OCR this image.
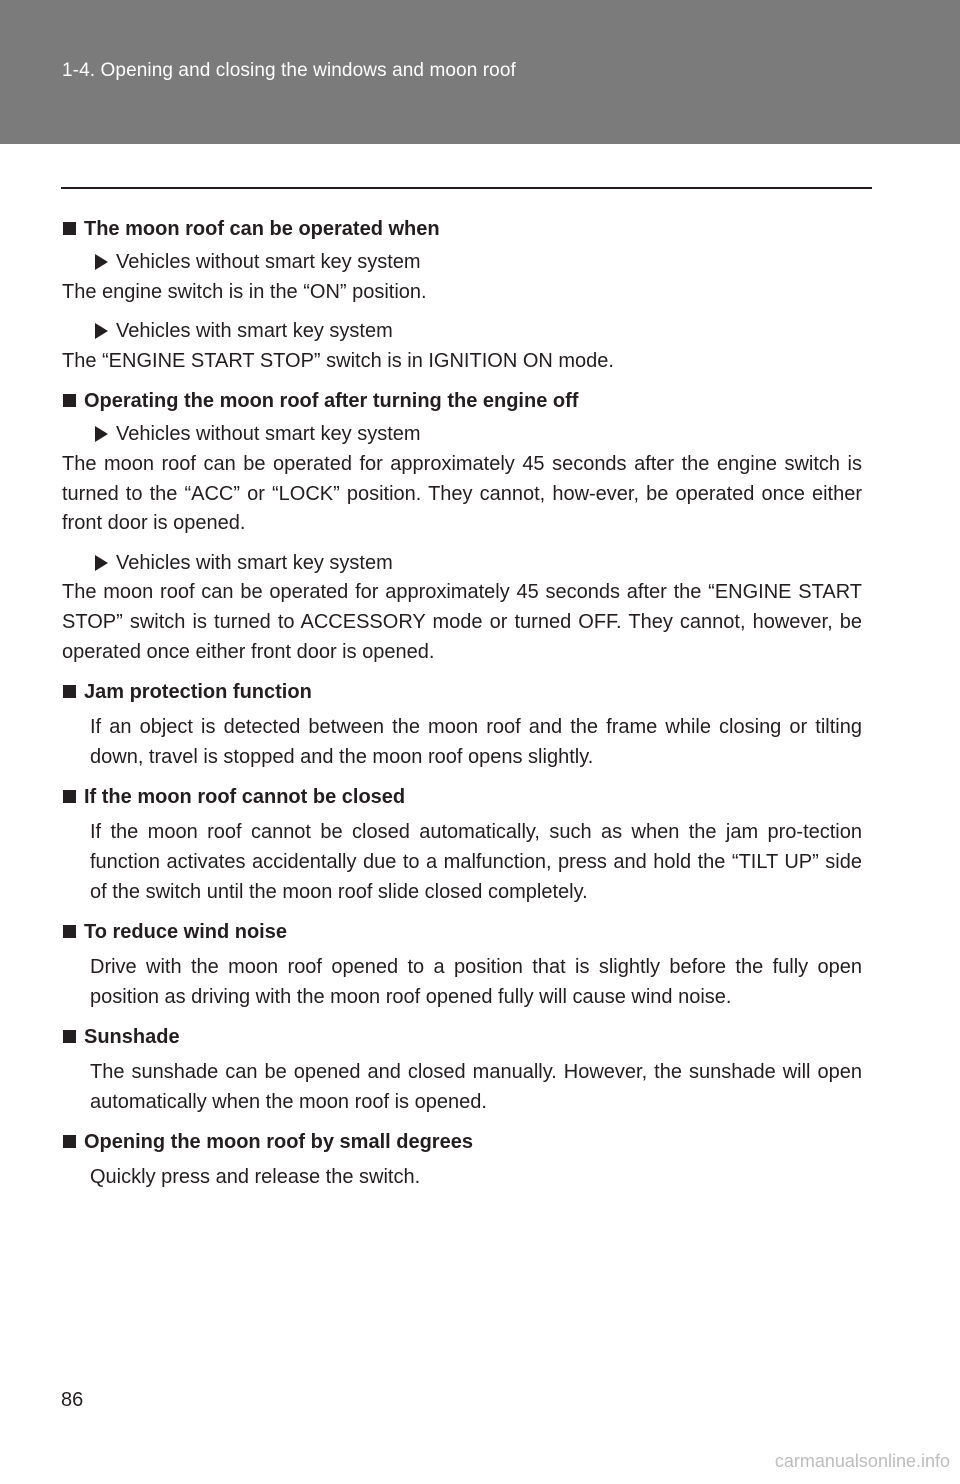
1-4. Opening and closing the windows and moon roof
The moon roof can be operated when
Vehicles without smart key system
The engine switch is in the “ON” position.
Vehicles with smart key system
The “ENGINE START STOP” switch is in IGNITION ON mode.
Operating the moon roof after turning the engine off
Vehicles without smart key system
The moon roof can be operated for approximately 45 seconds after the engine switch is turned to the “ACC” or “LOCK” position. They cannot, how-ever, be operated once either front door is opened.
Vehicles with smart key system
The moon roof can be operated for approximately 45 seconds after the “ENGINE START STOP” switch is turned to ACCESSORY mode or turned OFF. They cannot, however, be operated once either front door is opened.
Jam protection function
If an object is detected between the moon roof and the frame while closing or tilting down, travel is stopped and the moon roof opens slightly.
If the moon roof cannot be closed
If the moon roof cannot be closed automatically, such as when the jam pro-tection function activates accidentally due to a malfunction, press and hold the “TILT UP” side of the switch until the moon roof slide closed completely.
To reduce wind noise
Drive with the moon roof opened to a position that is slightly before the fully open position as driving with the moon roof opened fully will cause wind noise.
Sunshade
The sunshade can be opened and closed manually. However, the sunshade will open automatically when the moon roof is opened.
Opening the moon roof by small degrees
Quickly press and release the switch.
86
carmanualsonline.info
